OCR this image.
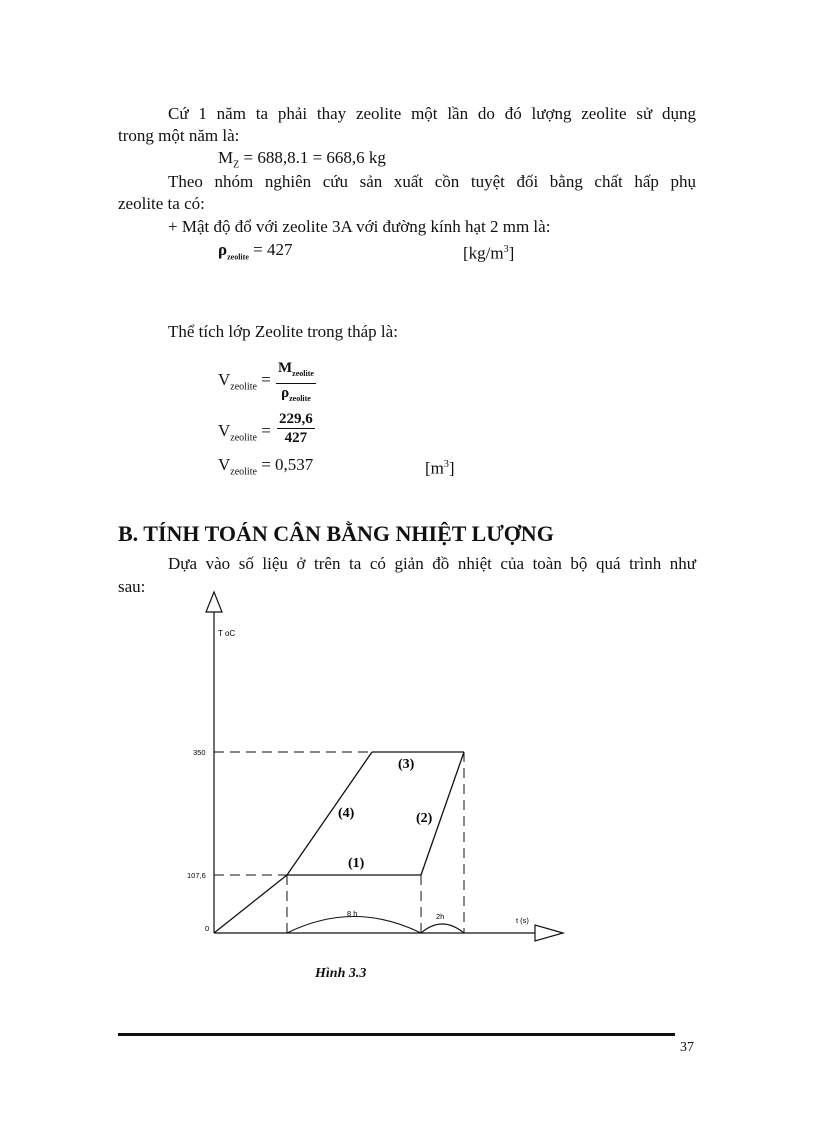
Cứ 1 năm ta phải thay zeolite một lần do đó lượng zeolite sử dụng
trong một năm là:
$M_Z = 688,8.1 = 668,6$ kg
Theo nhóm nghiên cứu sản xuất cồn tuyệt đối bằng chất hấp phụ
zeolite ta có:
+ Mật độ đổ với zeolite 3A với đường kính hạt 2 mm là:
$\rho_{zeolite} = 427$	$[kg/m^3]$
Thể tích lớp Zeolite trong tháp là:
$V_{zeolite}$ =
$M_{zeolite}$
$\rho_{zeolite}$
$V_{zeolite} = \frac{229,6}{427}$
$V_{zeolite} = 0,537$	$[m^3]$
B. TÍNH TOÁN CÂN BẰNG NHIỆT LƯỢNG
Dựa vào số liệu ở trên ta có giản đồ nhiệt của toàn bộ quá trình như
sau:
T oC
t (s)
350
107,6
0
8 h	2h
(1)
(2)
(3)
(4)
Hình 3.3
37
